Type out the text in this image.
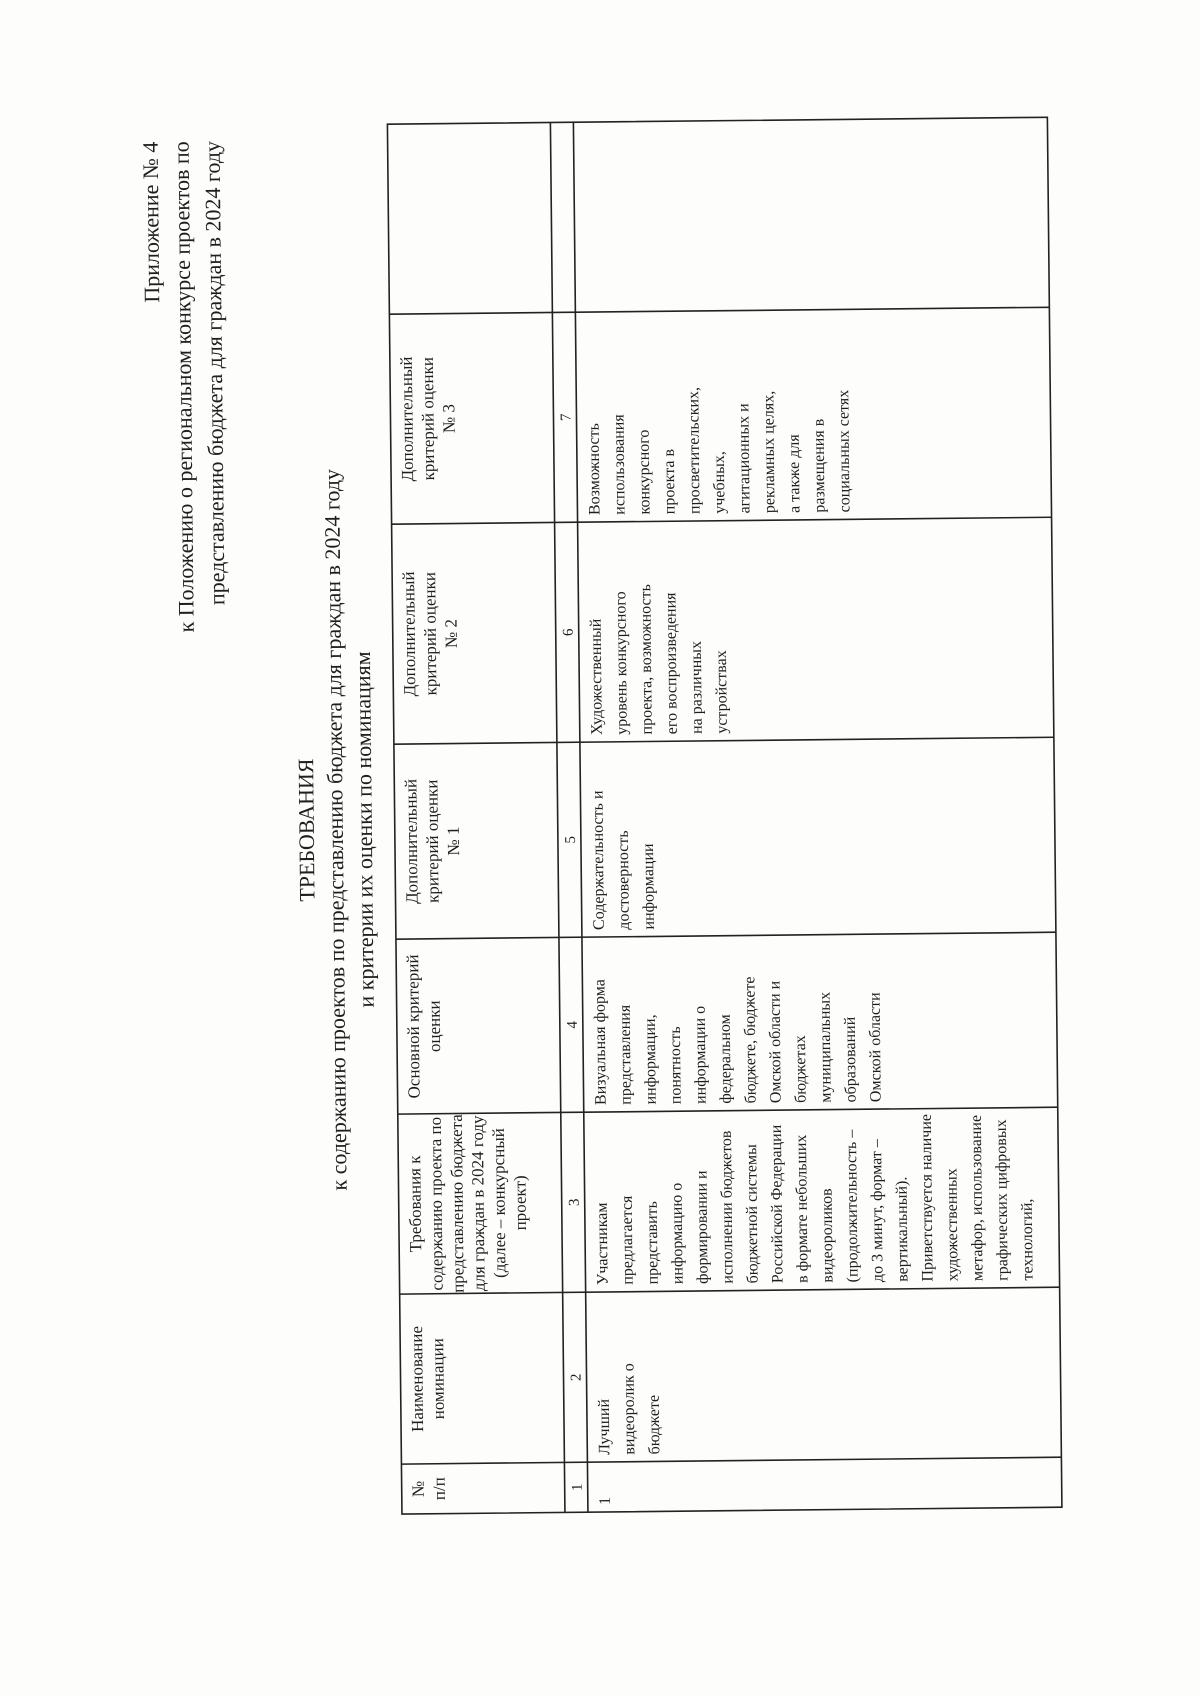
Приложение № 4 к Положению о региональном конкурсе проектов по представлению бюджета для граждан в 2024 году
ТРЕБОВАНИЯ к содержанию проектов по представлению бюджета для граждан в 2024 году
и критерии их оценки по номинациям
№ п/п
Наименование номинации
Требования к содержанию проекта по представлению бюджета для граждан в 2024 году (далее – конкурсный проект)
Основной критерий оценки
Дополнительный критерий оценки № 1
Дополнительный критерий оценки № 2
Дополнительный критерий оценки № 3
1
2
3
4
5
6
7
1
Лучший видеоролик о бюджете
Участникам предлагается представить информацию о формировании и исполнении бюджетов бюджетной системы Российской Федерации в формате небольших видеороликов (продолжительность – до 3 минут, формат – вертикальный). Приветствуется наличие художественных метафор, использование графических цифровых технологий,
Визуальная форма представления информации, понятность информации о федеральном бюджете, бюджете Омской области и бюджетах муниципальных образований Омской области
Содержательность и достоверность информации
Художественный уровень конкурсного проекта, возможность его воспроизведения на различных устройствах
Возможность использования конкурсного проекта в просветительских, учебных, агитационных и рекламных целях, а также для размещения в социальных сетях
